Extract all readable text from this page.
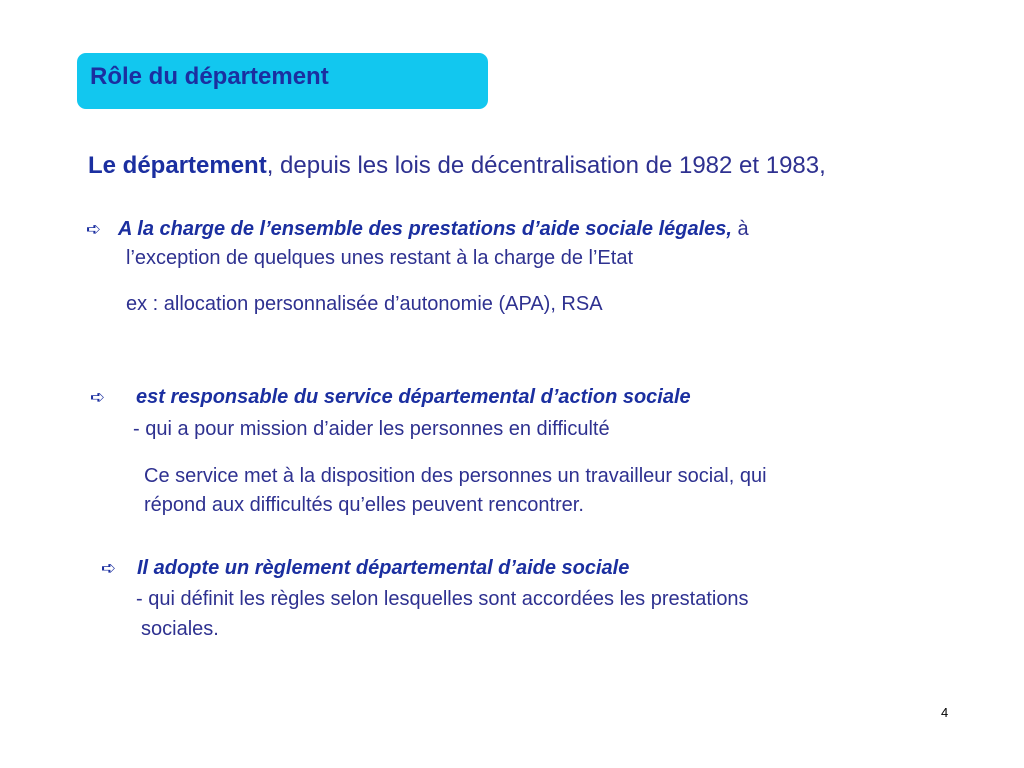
Rôle du département
Le département, depuis les lois de décentralisation de 1982 et 1983,
➪ A la charge de l’ensemble des prestations d’aide sociale légales, à
l’exception de quelques unes restant à la charge de l’Etat
ex : allocation personnalisée d’autonomie (APA), RSA
➪ est responsable du service départemental d’action sociale
- qui a pour mission d’aider les personnes en difficulté
Ce service met à la disposition des personnes un travailleur social, qui
répond aux difficultés qu’elles peuvent rencontrer.
➪ Il adopte un règlement départemental d’aide sociale
- qui définit les règles selon lesquelles sont accordées les prestations
sociales.
4
